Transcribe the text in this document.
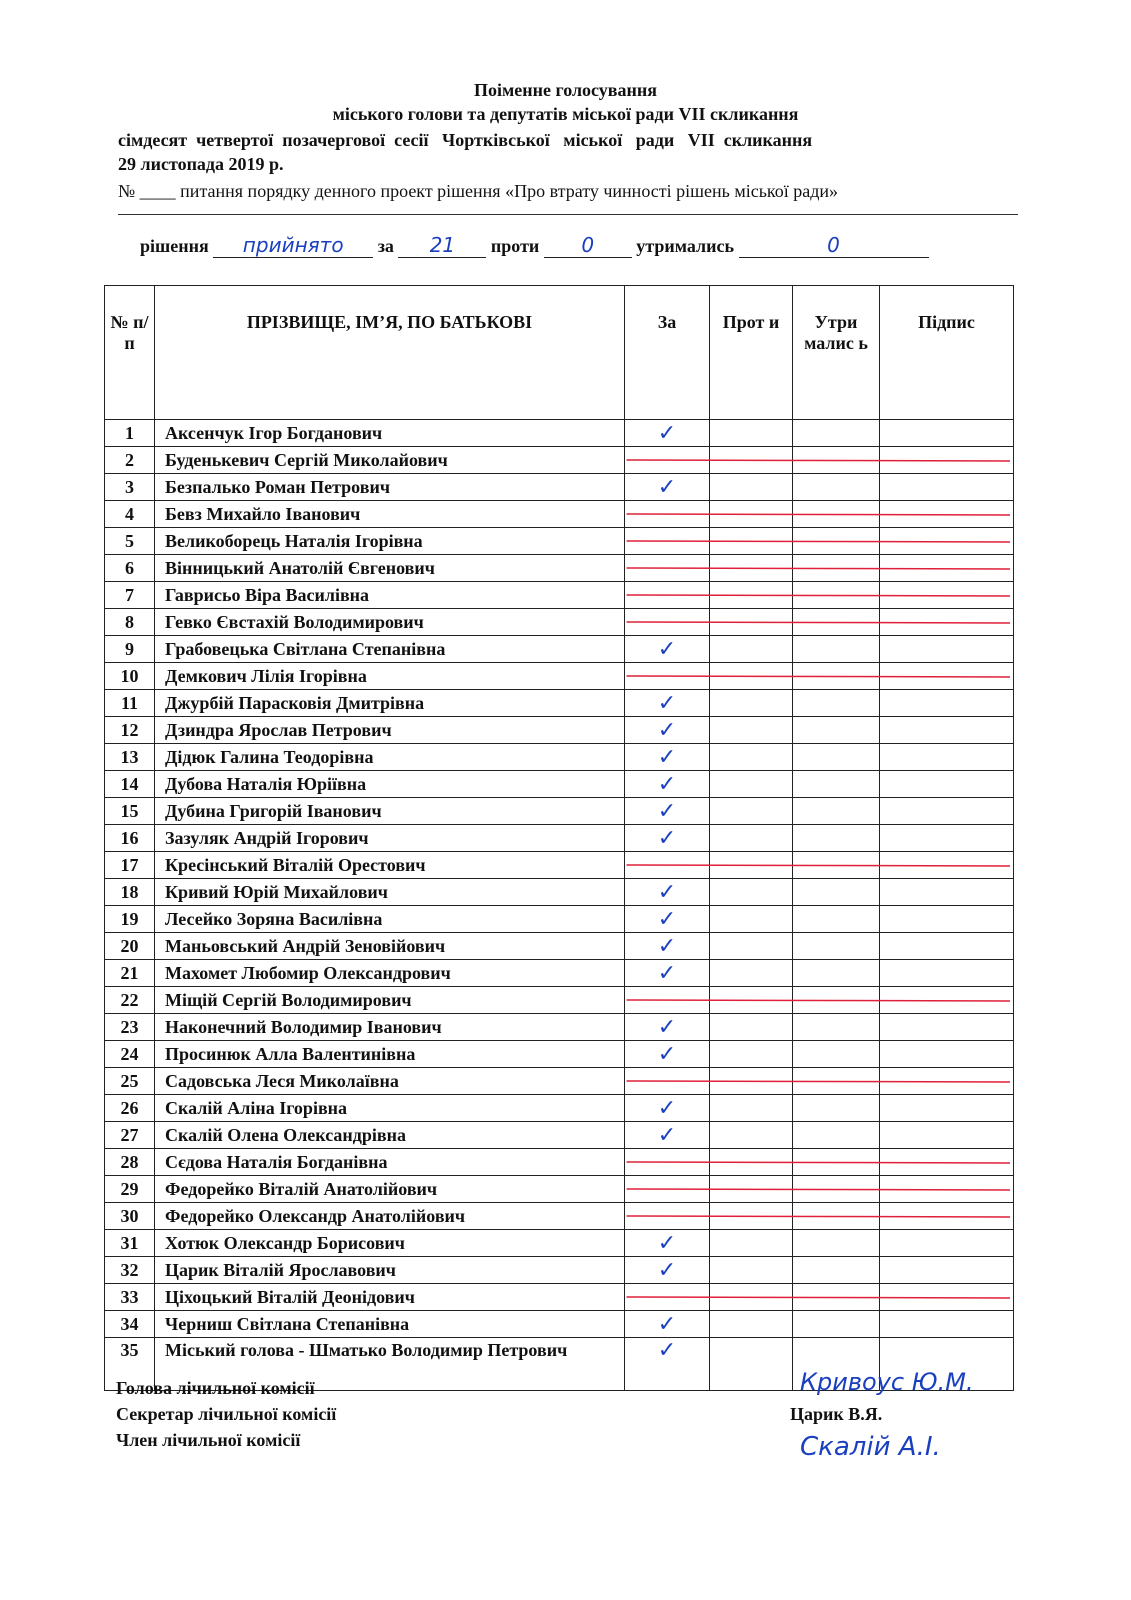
Поіменне голосування
міського голови та депутатів міської ради VII скликання
сімдесят  четвертої  позачергової  сесії   Чортківської   міської   ради   VII  скликання
29 листопада 2019 р.
№ ____ питання порядку денного проект рішення «Про втрату чинності рішень міської ради»
рішення прийнято за 21 проти 0 утримались	0
№ п/п	ПРІЗВИЩЕ, ІМ’Я, ПО БАТЬКОВІ	За	Прот и	Утри малис ь	Підпис
1	Аксенчук Ігор Богданович	✓			
2	Буденькевич Сергій Миколайович				
3	Безпалько Роман Петрович	✓			
4	Бевз Михайло Іванович				
5	Великоборець Наталія Ігорівна				
6	Вінницький Анатолій Євгенович				
7	Гаврисьо Віра Василівна				
8	Гевко Євстахій Володимирович				
9	Грабовецька Світлана Степанівна	✓			
10	Демкович Лілія Ігорівна				
11	Джурбій Парасковія Дмитрівна	✓			
12	Дзиндра Ярослав Петрович	✓			
13	Дідюк Галина Теодорівна	✓			
14	Дубова Наталія Юріївна	✓			
15	Дубина Григорій Іванович	✓			
16	Зазуляк Андрій Ігорович	✓			
17	Кресінський Віталій Орестович				
18	Кривий Юрій Михайлович	✓			
19	Лесейко Зоряна Василівна	✓			
20	Маньовський Андрій Зеновійович	✓			
21	Махомет Любомир Олександрович	✓			
22	Міщій Сергій Володимирович				
23	Наконечний Володимир Іванович	✓			
24	Просинюк Алла Валентинівна	✓			
25	Садовська Леся Миколаївна				
26	Скалій Аліна Ігорівна	✓			
27	Скалій Олена Олександрівна	✓			
28	Сєдова Наталія Богданівна				
29	Федорейко Віталій Анатолійович				
30	Федорейко Олександр Анатолійович				
31	Хотюк Олександр Борисович	✓			
32	Царик Віталій Ярославович	✓			
33	Ціхоцький Віталій Деонідович				
34	Черниш Світлана Степанівна	✓			
35	Міський голова - Шматько Володимир Петрович	✓			
Голова лічильної комісії
Секретар лічильної комісії
Член лічильної комісії
Кривоус Ю.М.
Царик В.Я.
Скалій А.І.
